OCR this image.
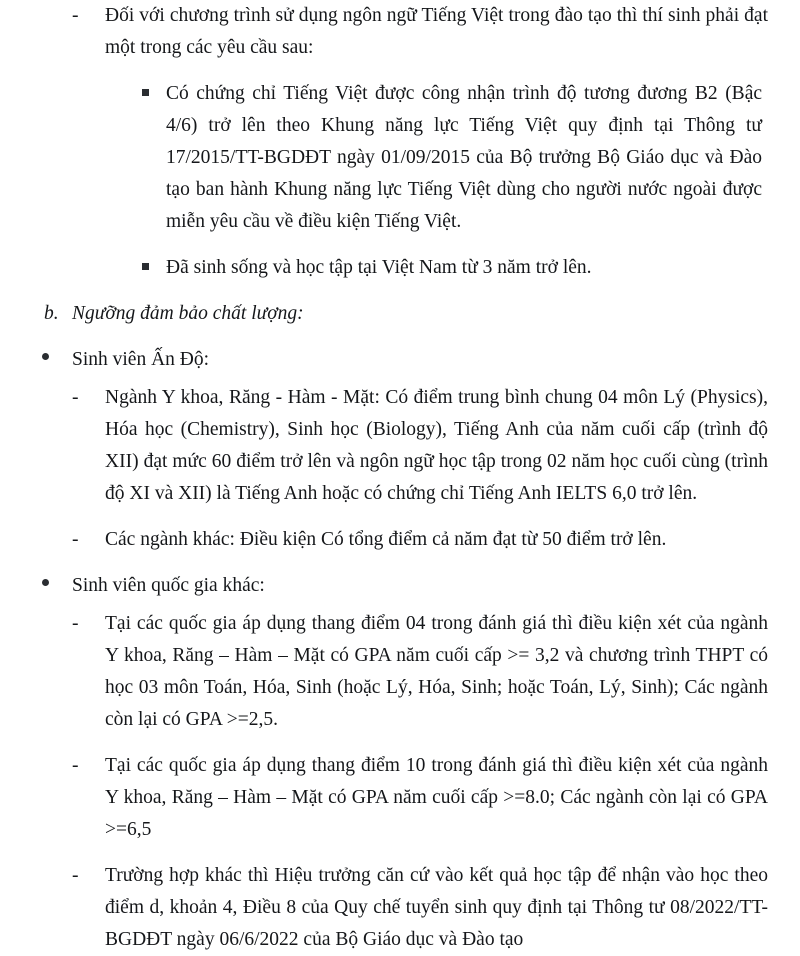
-	Đối với chương trình sử dụng ngôn ngữ Tiếng Việt trong đào tạo thì thí sinh phải đạt một trong các yêu cầu sau:
Có chứng chỉ Tiếng Việt được công nhận trình độ tương đương B2 (Bậc 4/6) trở lên theo Khung năng lực Tiếng Việt quy định tại Thông tư 17/2015/TT-BGDĐT ngày 01/09/2015 của Bộ trưởng Bộ Giáo dục và Đào tạo ban hành Khung năng lực Tiếng Việt dùng cho người nước ngoài được miễn yêu cầu về điều kiện Tiếng Việt.
Đã sinh sống và học tập tại Việt Nam từ 3 năm trở lên.
b. Ngưỡng đảm bảo chất lượng:
Sinh viên Ấn Độ:
-	Ngành Y khoa, Răng - Hàm - Mặt: Có điểm trung bình chung 04 môn Lý (Physics), Hóa học (Chemistry), Sinh học (Biology), Tiếng Anh của năm cuối cấp (trình độ XII) đạt mức 60 điểm trở lên và ngôn ngữ học tập trong 02 năm học cuối cùng (trình độ XI và XII) là Tiếng Anh hoặc có chứng chỉ Tiếng Anh IELTS 6,0 trở lên.
-	Các ngành khác: Điều kiện Có tổng điểm cả năm đạt từ 50 điểm trở lên.
Sinh viên quốc gia khác:
-	Tại các quốc gia áp dụng thang điểm 04 trong đánh giá thì điều kiện xét của ngành Y khoa, Răng – Hàm – Mặt có GPA năm cuối cấp >= 3,2 và chương trình THPT có học 03 môn Toán, Hóa, Sinh (hoặc Lý, Hóa, Sinh; hoặc Toán, Lý, Sinh); Các ngành còn lại có GPA >=2,5.
-	Tại các quốc gia áp dụng thang điểm 10 trong đánh giá thì điều kiện xét của ngành Y khoa, Răng – Hàm – Mặt có GPA năm cuối cấp >=8.0; Các ngành còn lại có GPA >=6,5
-	Trường hợp khác thì Hiệu trưởng căn cứ vào kết quả học tập để nhận vào học theo điểm d, khoản 4, Điều 8 của Quy chế tuyển sinh quy định tại Thông tư 08/2022/TT-BGDĐT ngày 06/6/2022 của Bộ Giáo dục và Đào tạo
